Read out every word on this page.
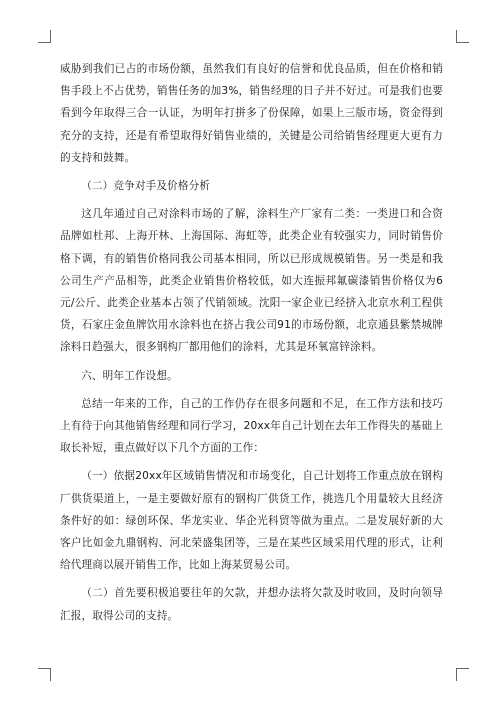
威胁到我们已占的市场份额，虽然我们有良好的信誉和优良品质，但在价格和销售手段上不占优势，销售任务的加3%，销售经理的日子并不好过。可是我们也要看到今年取得三合一认证，为明年打拼多了份保障，如果上三版市场，资金得到充分的支持，还是有希望取得好销售业绩的，关键是公司给销售经理更大更有力的支持和鼓舞。

（二）竞争对手及价格分析

这几年通过自己对涂料市场的了解，涂料生产厂家有二类：一类进口和合资品牌如杜邦、上海开林、上海国际、海虹等，此类企业有较强实力，同时销售价格下调，有的销售价格同我公司基本相同，所以已形成规模销售。另一类是和我公司生产产品相等，此类企业销售价格较低，如大连振邦氟碳漆销售价格仅为6元/公斤、此类企业基本占领了代销领域。沈阳一家企业已经挤入北京水利工程供货，石家庄金鱼牌饮用水涂料也在挤占我公司91的市场份额，北京通县紫禁城牌涂料日趋强大，很多钢构厂都用他们的涂料，尤其是环氧富锌涂料。

六、明年工作设想。

总结一年来的工作，自己的工作仍存在很多问题和不足，在工作方法和技巧上有待于向其他销售经理和同行学习，20xx年自己计划在去年工作得失的基础上取长补短，重点做好以下几个方面的工作：

（一）依据20xx年区域销售情况和市场变化，自己计划将工作重点放在钢构厂供货渠道上，一是主要做好原有的钢构厂供货工作，挑选几个用量较大且经济条件好的如：绿创环保、华龙实业、华企光科贸等做为重点。二是发展好新的大客户比如金九鼎钢构、河北荣盛集团等，三是在某些区域采用代理的形式，让利给代理商以展开销售工作，比如上海某贸易公司。

（二）首先要积极追要往年的欠款，并想办法将欠款及时收回，及时向领导汇报，取得公司的支持。
